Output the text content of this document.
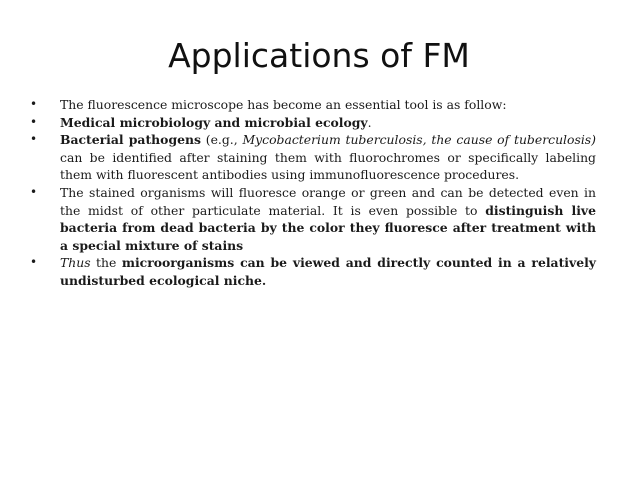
Applications of FM
• The fluorescence microscope has become an essential tool is as follow:
• Medical microbiology and microbial ecology.
• Bacterial pathogens (e.g., Mycobacterium tuberculosis, the cause of tuberculosis) can be identified after staining them with fluorochromes or specifically labeling them with fluorescent antibodies using immunofluorescence procedures.
• The stained organisms will fluoresce orange or green and can be detected even in the midst of other particulate material. It is even possible to distinguish live bacteria from dead bacteria by the color they fluoresce after treatment with a special mixture of stains
• Thus the microorganisms can be viewed and directly counted in a relatively undisturbed ecological niche.
